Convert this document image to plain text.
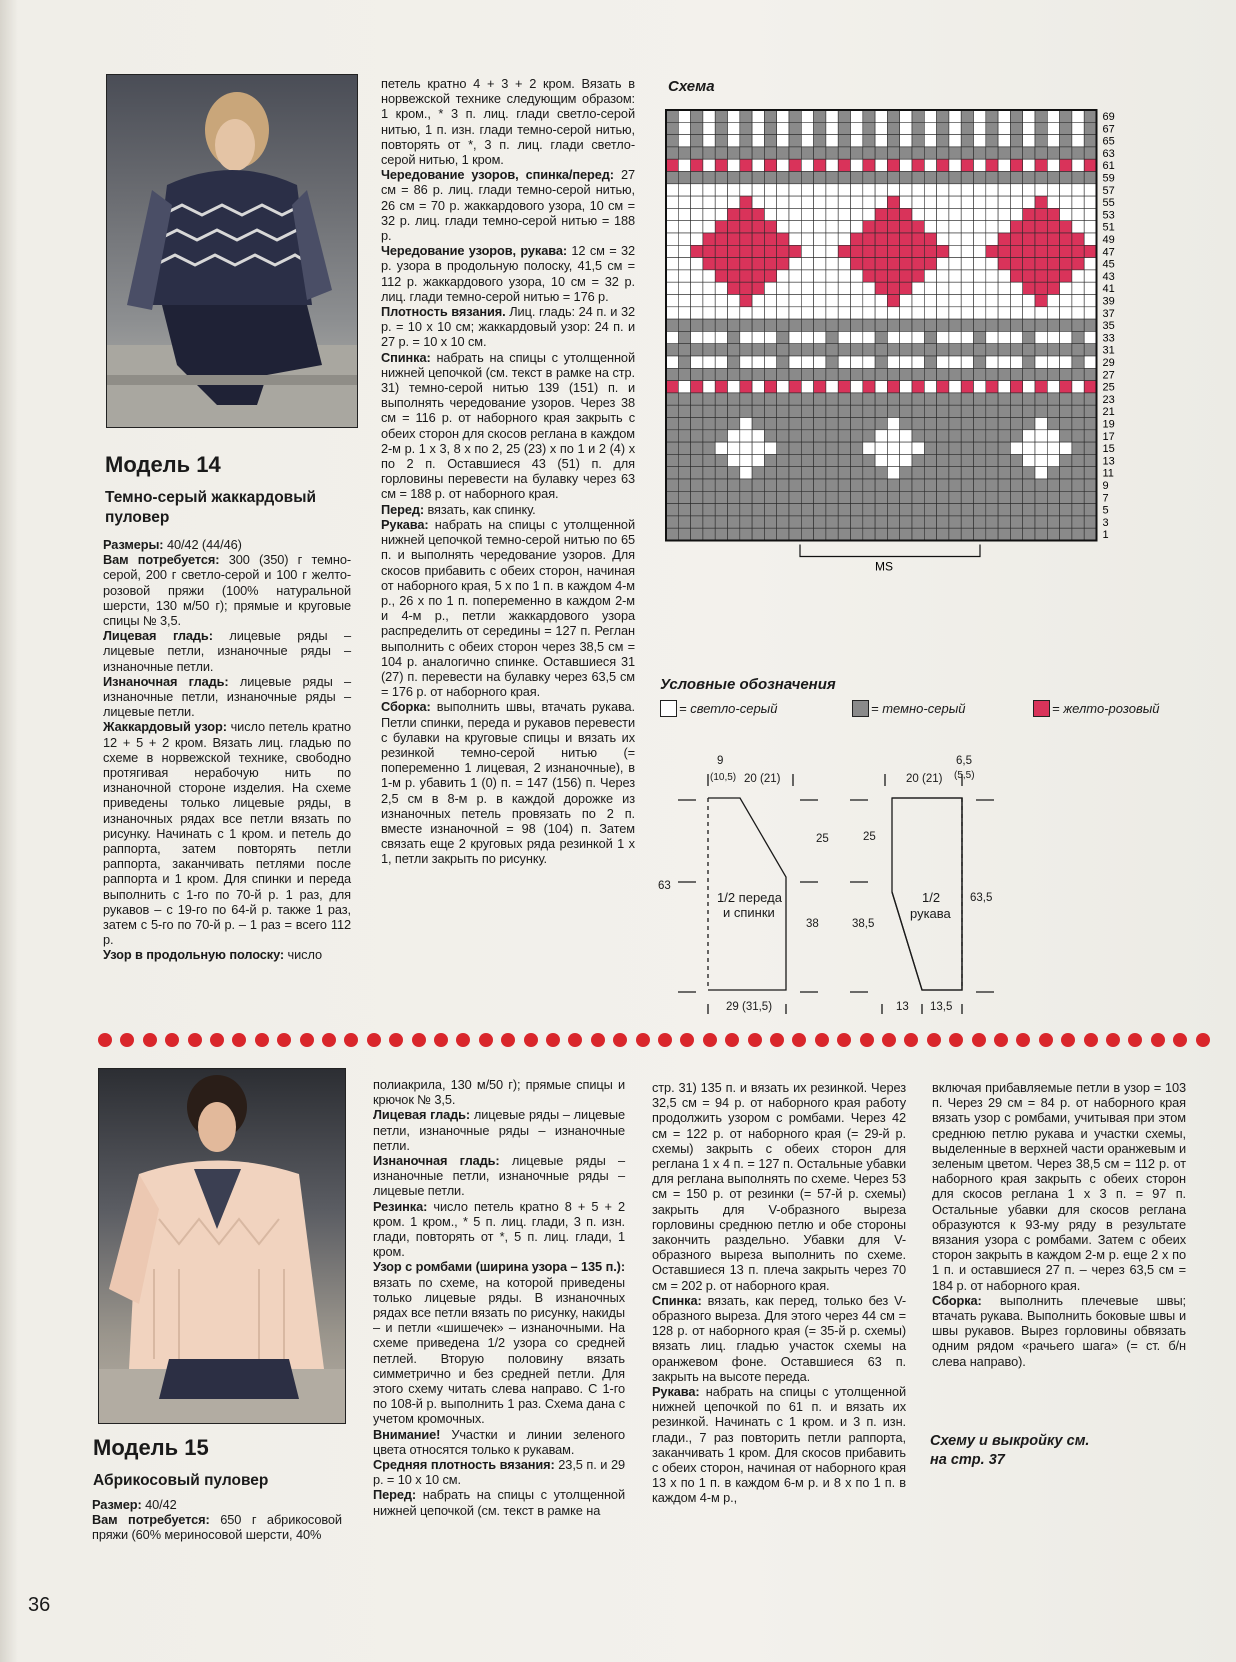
Модель 14
Темно-серый жаккардовый
пуловер

Размеры: 40/42 (44/46)

Вам потребуется: 300 (350) г темно-серой, 200 г светло-серой и 100 г желто-розовой пряжи (100% натуральной шерсти, 130 м/50 г); прямые и круговые спицы № 3,5.

Лицевая гладь: лицевые ряды – лицевые петли, изнаночные ряды – изнаночные петли.

Изнаночная гладь: лицевые ряды – изнаночные петли, изнаночные ряды – лицевые петли.

Жаккардовый узор: число петель кратно 12 + 5 + 2 кром. Вязать лиц. гладью по схеме в норвежской технике, свободно протягивая нерабочую нить по изнаночной стороне изделия. На схеме приведены только лицевые ряды, в изнаночных рядах все петли вязать по рисунку. Начинать с 1 кром. и петель до раппорта, затем повторять петли раппорта, заканчивать петлями после раппорта и 1 кром. Для спинки и переда выполнить с 1-го по 70-й р. 1 раз, для рукавов – с 19-го по 64-й р. также 1 раз, затем с 5-го по 70-й р. – 1 раз = всего 112 р.

Узор в продольную полоску: число

петель кратно 4 + 3 + 2 кром. Вязать в норвежской технике следующим образом: 1 кром., * 3 п. лиц. глади светло-серой нитью, 1 п. изн. глади темно-серой нитью, повторять от *, 3 п. лиц. глади светло-серой нитью, 1 кром.

Чередование узоров, спинка/перед: 27 см = 86 р. лиц. глади темно-серой нитью, 26 см = 70 р. жаккардового узора, 10 см = 32 р. лиц. глади темно-серой нитью = 188 р.

Чередование узоров, рукава: 12 см = 32 р. узора в продольную полоску, 41,5 см = 112 р. жаккардового узора, 10 см = 32 р. лиц. глади темно-серой нитью = 176 р.

Плотность вязания. Лиц. гладь: 24 п. и 32 р. = 10 x 10 см; жаккардовый узор: 24 п. и 27 р. = 10 x 10 см.

Спинка: набрать на спицы с утолщенной нижней цепочкой (см. текст в рамке на стр. 31) темно-серой нитью 139 (151) п. и выполнять чередование узоров. Через 38 см = 116 р. от наборного края закрыть с обеих сторон для скосов реглана в каждом 2-м р. 1 x 3, 8 x по 2, 25 (23) x по 1 и 2 (4) x по 2 п. Оставшиеся 43 (51) п. для горловины перевести на булавку через 63 см = 188 р. от наборного края.

Перед: вязать, как спинку.

Рукава: набрать на спицы с утолщенной нижней цепочкой темно-серой нитью по 65 п. и выполнять чередование узоров. Для скосов прибавить с обеих сторон, начиная от наборного края, 5 x по 1 п. в каждом 4-м р., 26 x по 1 п. попеременно в каждом 2-м и 4-м р., петли жаккардового узора распределить от середины = 127 п. Реглан выполнить с обеих сторон через 38,5 см = 104 р. аналогично спинке. Оставшиеся 31 (27) п. перевести на булавку через 63,5 см = 176 р. от наборного края.

Сборка: выполнить швы, втачать рукава. Петли спинки, переда и рукавов перевести с булавки на круговые спицы и вязать их резинкой темно-серой нитью (= попеременно 1 лицевая, 2 изнаночные), в 1-м р. убавить 1 (0) п. = 147 (156) п. Через 2,5 см в 8-м р. в каждой дорожке из изнаночных петель провязать по 2 п. вместе изнаночной = 98 (104) п. Затем связать еще 2 круговых ряда резинкой 1 x 1, петли закрыть по рисунку.

Схема
69
67
65
63
61
59
57
55
53
51
49
47
45
43
41
39
37
35
33
31
29
27
25
23
21
19
17
15
13
11
9
7
5
3
1
MS
Условные обозначения
= светло-серый	= темно-серый	= желто-розовый
9
(10,5) 20 (21)	20 (21)
6,5
(5,5)
25	25
63
63,5
38	38,5
29 (31,5)	13 13,5
1/2 переда
и спинки
1/2
рукава
Модель 15
Абрикосовый пуловер

Размер: 40/42

Вам потребуется: 650 г абрикосовой пряжи (60% мериносовой шерсти, 40%

полиакрила, 130 м/50 г); прямые спицы и крючок № 3,5.

Лицевая гладь: лицевые ряды – лицевые петли, изнаночные ряды – изнаночные петли.

Изнаночная гладь: лицевые ряды – изнаночные петли, изнаночные ряды – лицевые петли.

Резинка: число петель кратно 8 + 5 + 2 кром. 1 кром., * 5 п. лиц. глади, 3 п. изн. глади, повторять от *, 5 п. лиц. глади, 1 кром.

Узор с ромбами (ширина узора – 135 п.): вязать по схеме, на которой приведены только лицевые ряды. В изнаночных рядах все петли вязать по рисунку, накиды – и петли «шишечек» – изнаночными. На схеме приведена 1/2 узора со средней петлей. Вторую половину вязать симметрично и без средней петли. Для этого схему читать слева направо. С 1-го по 108-й р. выполнить 1 раз. Схема дана с учетом кромочных.

Внимание! Участки и линии зеленого цвета относятся только к рукавам.

Средняя плотность вязания: 23,5 п. и 29 р. = 10 x 10 см.

Перед: набрать на спицы с утолщенной нижней цепочкой (см. текст в рамке на

стр. 31) 135 п. и вязать их резинкой. Через 32,5 см = 94 р. от наборного края работу продолжить узором с ромбами. Через 42 см = 122 р. от наборного края (= 29-й р. схемы) закрыть с обеих сторон для реглана 1 x 4 п. = 127 п. Остальные убавки для реглана выполнять по схеме. Через 53 см = 150 р. от резинки (= 57-й р. схемы) закрыть для V-образного выреза горловины среднюю петлю и обе стороны закончить раздельно. Убавки для V-образного выреза выполнить по схеме. Оставшиеся 13 п. плеча закрыть через 70 см = 202 р. от наборного края.

Спинка: вязать, как перед, только без V-образного выреза. Для этого через 44 см = 128 р. от наборного края (= 35-й р. схемы) вязать лиц. гладью участок схемы на оранжевом фоне. Оставшиеся 63 п. закрыть на высоте переда.

Рукава: набрать на спицы с утолщенной нижней цепочкой по 61 п. и вязать их резинкой. Начинать с 1 кром. и 3 п. изн. глади., 7 раз повторить петли раппорта, заканчивать 1 кром. Для скосов прибавить с обеих сторон, начиная от наборного края 13 x по 1 п. в каждом 6-м р. и 8 x по 1 п. в каждом 4-м р.,

включая прибавляемые петли в узор = 103 п. Через 29 см = 84 р. от наборного края вязать узор с ромбами, учитывая при этом среднюю петлю рукава и участки схемы, выделенные в верхней части оранжевым и зеленым цветом. Через 38,5 см = 112 р. от наборного края закрыть с обеих сторон для скосов реглана 1 x 3 п. = 97 п. Остальные убавки для скосов реглана образуются к 93-му ряду в результате вязания узора с ромбами. Затем с обеих сторон закрыть в каждом 2-м р. еще 2 x по 1 п. и оставшиеся 27 п. – через 63,5 см = 184 р. от наборного края.

Сборка: выполнить плечевые швы; втачать рукава. Выполнить боковые швы и швы рукавов. Вырез горловины обвязать одним рядом «рачьего шага» (= ст. б/н слева направо).

Схему и выкройку см.
на стр. 37
36
